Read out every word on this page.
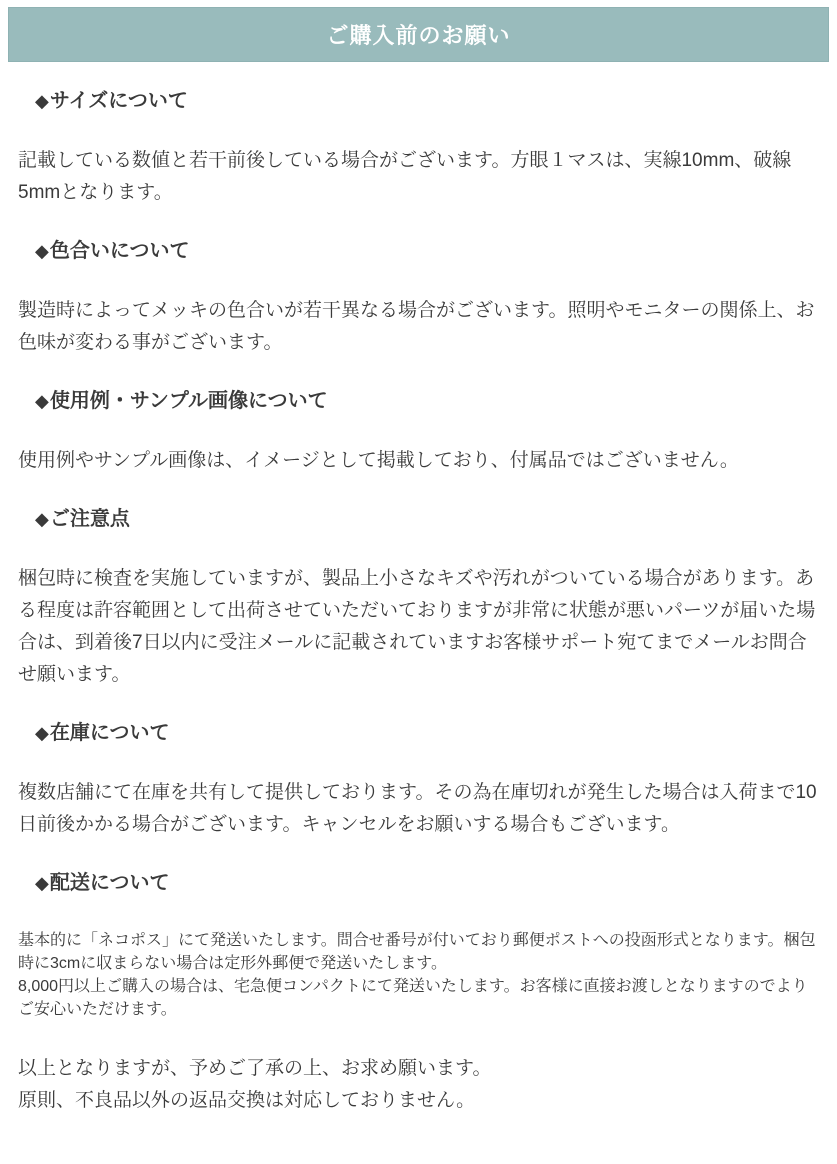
ご購入前のお願い
◆サイズについて

記載している数値と若干前後している場合がございます。方眼１マスは、実線10mm、破線5mmとなります。

◆色合いについて

製造時によってメッキの色合いが若干異なる場合がございます。照明やモニターの関係上、お色味が変わる事がございます。

◆使用例・サンプル画像について

使用例やサンプル画像は、イメージとして掲載しており、付属品ではございません。

◆ご注意点

梱包時に検査を実施していますが、製品上小さなキズや汚れがついている場合があります。ある程度は許容範囲として出荷させていただいておりますが非常に状態が悪いパーツが届いた場合は、到着後7日以内に受注メールに記載されていますお客様サポート宛てまでメールお問合せ願います。

◆在庫について

複数店舗にて在庫を共有して提供しております。その為在庫切れが発生した場合は入荷まで10日前後かかる場合がございます。キャンセルをお願いする場合もございます。

◆配送について

基本的に「ネコポス」にて発送いたします。問合せ番号が付いており郵便ポストへの投函形式となります。梱包時に3cmに収まらない場合は定形外郵便で発送いたします。
8,000円以上ご購入の場合は、宅急便コンパクトにて発送いたします。お客様に直接お渡しとなりますのでよりご安心いただけます。

以上となりますが、予めご了承の上、お求め願います。
原則、不良品以外の返品交換は対応しておりません。
